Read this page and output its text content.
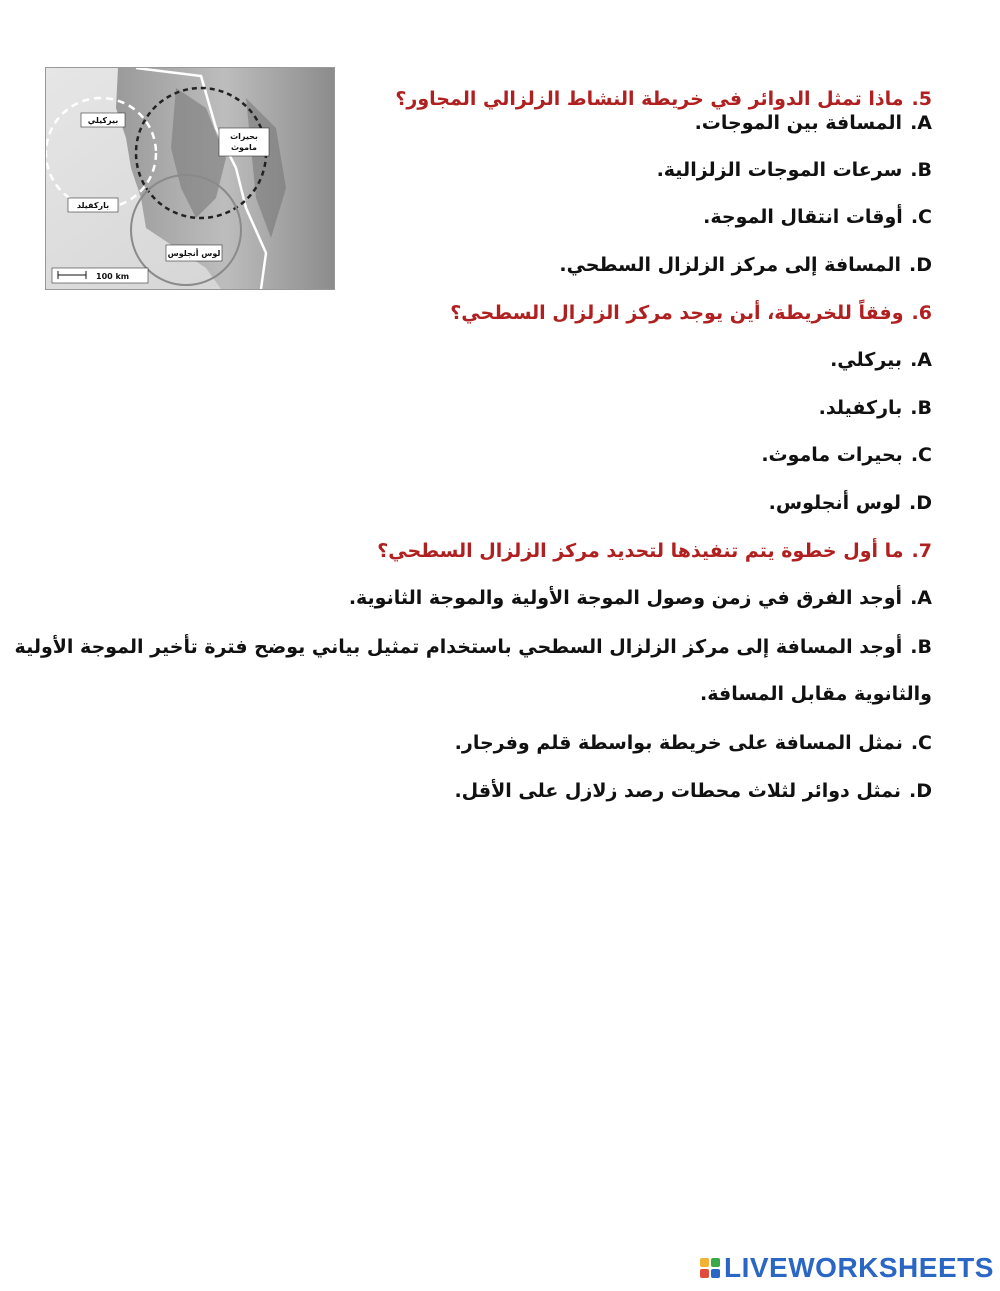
بيركيلي
بحيرات
ماموث
باركفيلد
لوس أنجلوس
100 km
5.ماذا تمثل الدوائر في خريطة النشاط الزلزالي المجاور؟
A.المسافة بين الموجات.
B.سرعات الموجات الزلزالية.
C.أوقات انتقال الموجة.
D.المسافة إلى مركز الزلزال السطحي.
6.وفقاً للخريطة، أين يوجد مركز الزلزال السطحي؟
A.بيركلي.
B.باركفيلد.
C.بحيرات ماموث.
D.لوس أنجلوس.
7.ما أول خطوة يتم تنفيذها لتحديد مركز الزلزال السطحي؟
A.أوجد الفرق في زمن وصول الموجة الأولية والموجة الثانوية.
B.أوجد المسافة إلى مركز الزلزال السطحي باستخدام تمثيل بياني يوضح فترة تأخير الموجة الأولية والثانوية مقابل المسافة.
C.نمثل المسافة على خريطة بواسطة قلم وفرجار.
D.نمثل دوائر لثلاث محطات رصد زلازل على الأقل.
LIVEWORKSHEETS
